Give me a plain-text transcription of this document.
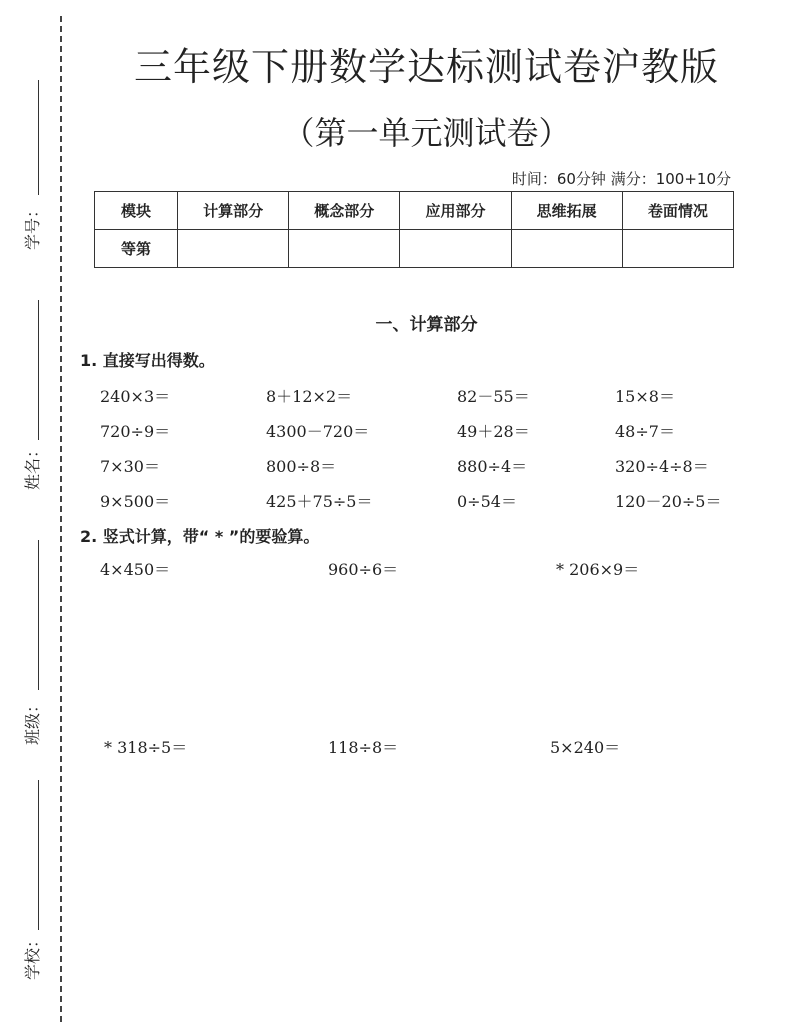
学号：
姓名：
班级：
学校：
三年级下册数学达标测试卷沪教版
（第一单元测试卷）
时间：60分钟 满分：100+10分
模块	计算部分	概念部分	应用部分	思维拓展	卷面情况
等第					
一、计算部分
1. 直接写出得数。
240×3＝	8＋12×2＝	82－55＝	15×8＝
720÷9＝	4300－720＝	49＋28＝	48÷7＝
7×30＝	800÷8＝	880÷4＝	320÷4÷8＝
9×500＝	425＋75÷5＝	0÷54＝	120－20÷5＝
2. 竖式计算，带“ * ”的要验算。
4×450＝	960÷6＝	* 206×9＝
* 318÷5＝	118÷8＝	5×240＝
